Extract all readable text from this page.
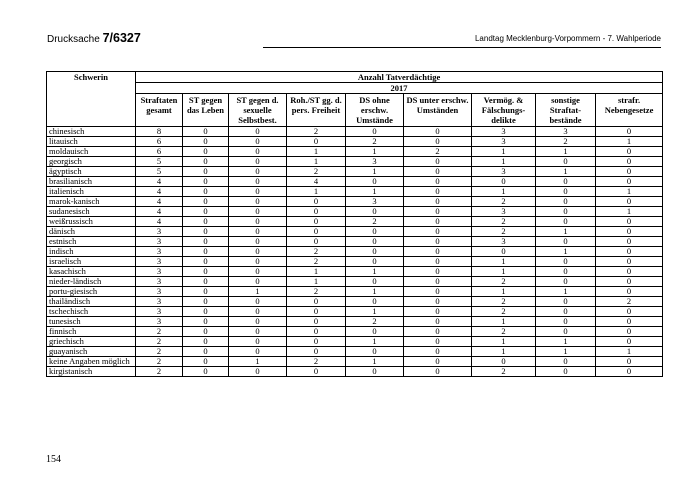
Drucksache 7/6327	Landtag Mecklenburg-Vorpommern - 7. Wahlperiode
Schwerin	Anzahl Tatverdächtige								
	2017								
	Straftaten gesamt	ST gegen das Leben	ST gegen d. sexuelle Selbstbest.	Roh./ST gg. d. pers. Freiheit	DS ohne erschw. Umstände	DS unter erschw. Umständen	Vermög. & Fälschungs-delikte	sonstige Straftat-bestände	strafr. Nebengesetze
chinesisch	8	0	0	2	0	0	3	3	0
litauisch	6	0	0	0	2	0	3	2	1
moldauisch	6	0	0	1	1	2	1	1	0
georgisch	5	0	0	1	3	0	1	0	0
ägyptisch	5	0	0	2	1	0	3	1	0
brasilianisch	4	0	0	4	0	0	0	0	0
italienisch	4	0	0	1	1	0	1	0	1
marok-kanisch	4	0	0	0	3	0	2	0	0
sudanesisch	4	0	0	0	0	0	3	0	1
weißrussisch	4	0	0	0	2	0	2	0	0
dänisch	3	0	0	0	0	0	2	1	0
estnisch	3	0	0	0	0	0	3	0	0
indisch	3	0	0	2	0	0	0	1	0
israelisch	3	0	0	2	0	0	1	0	0
kasachisch	3	0	0	1	1	0	1	0	0
nieder-ländisch	3	0	0	1	0	0	2	0	0
portu-giesisch	3	0	1	2	1	0	1	1	0
thailändisch	3	0	0	0	0	0	2	0	2
tschechisch	3	0	0	0	1	0	2	0	0
tunesisch	3	0	0	0	2	0	1	0	0
finnisch	2	0	0	0	0	0	2	0	0
griechisch	2	0	0	0	1	0	1	1	0
guayanisch	2	0	0	0	0	0	1	1	1
keine Angaben möglich	2	0	1	2	1	0	0	0	0
kirgistanisch	2	0	0	0	0	0	2	0	0
154
